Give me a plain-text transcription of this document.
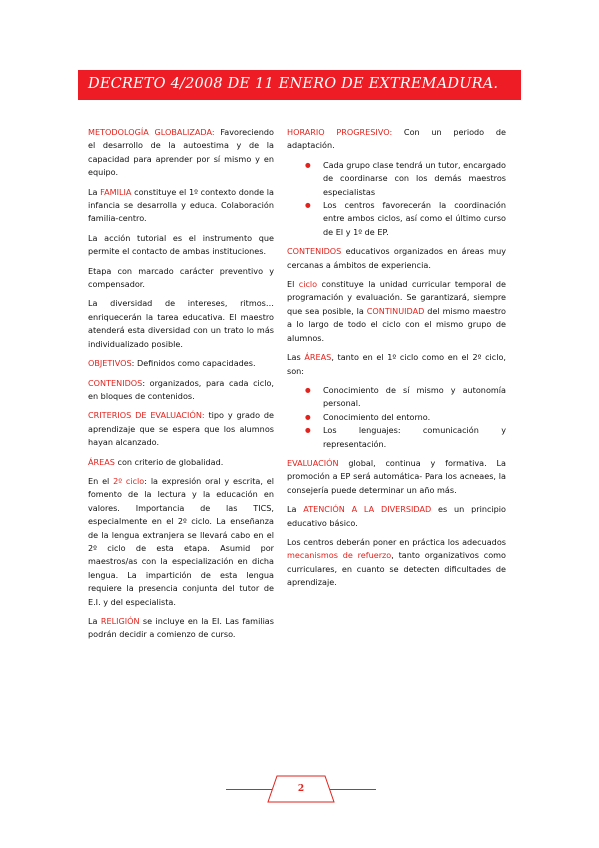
DECRETO 4/2008 DE 11 ENERO DE EXTREMADURA.

METODOLOGÍA GLOBALIZADA: Favoreciendo el desarrollo de la autoestima y de la capacidad para aprender por sí mismo y en equipo.

La FAMILIA constituye el 1º contexto donde la infancia se desarrolla y educa. Colaboración familia-centro.

La acción tutorial es el instrumento que permite el contacto de ambas instituciones.

Etapa con marcado carácter preventivo y compensador.

La diversidad de intereses, ritmos… enriquecerán la tarea educativa. El maestro atenderá esta diversidad con un trato lo más individualizado posible.

OBJETIVOS: Definidos como capacidades.

CONTENIDOS: organizados, para cada ciclo, en bloques de contenidos.

CRITERIOS DE EVALUACIÓN: tipo y grado de aprendizaje que se espera que los alumnos hayan alcanzado.

ÁREAS con criterio de globalidad.

En el 2º ciclo: la expresión oral y escrita, el fomento de la lectura y la educación en valores. Importancia de las TICS, especialmente en el 2º ciclo. La enseñanza de la lengua extranjera se llevará cabo en el 2º ciclo de esta etapa. Asumid por maestros/as con la especialización en dicha lengua. La impartición de esta lengua requiere la presencia conjunta del tutor de E.I. y del especialista.

La RELIGIÓN se incluye en la EI. Las familias podrán decidir a comienzo de curso.

HORARIO PROGRESIVO: Con un periodo de adaptación.

● Cada grupo clase tendrá un tutor, encargado de coordinarse con los demás maestros especialistas
● Los centros favorecerán la coordinación entre ambos ciclos, así como el último curso de EI y 1º de EP.

CONTENIDOS educativos organizados en áreas muy cercanas a ámbitos de experiencia.

El ciclo constituye la unidad curricular temporal de programación y evaluación. Se garantizará, siempre que sea posible, la CONTINUIDAD del mismo maestro a lo largo de todo el ciclo con el mismo grupo de alumnos.

Las ÁREAS, tanto en el 1º ciclo como en el 2º ciclo, son:

● Conocimiento de sí mismo y autonomía personal.
● Conocimiento del entorno.
● Los lenguajes: comunicación y representación.

EVALUACIÓN global, continua y formativa. La promoción a EP será automática- Para los acneaes, la consejería puede determinar un año más.

La ATENCIÓN A LA DIVERSIDAD es un principio educativo básico.

Los centros deberán poner en práctica los adecuados mecanismos de refuerzo, tanto organizativos como curriculares, en cuanto se detecten dificultades de aprendizaje.

2
